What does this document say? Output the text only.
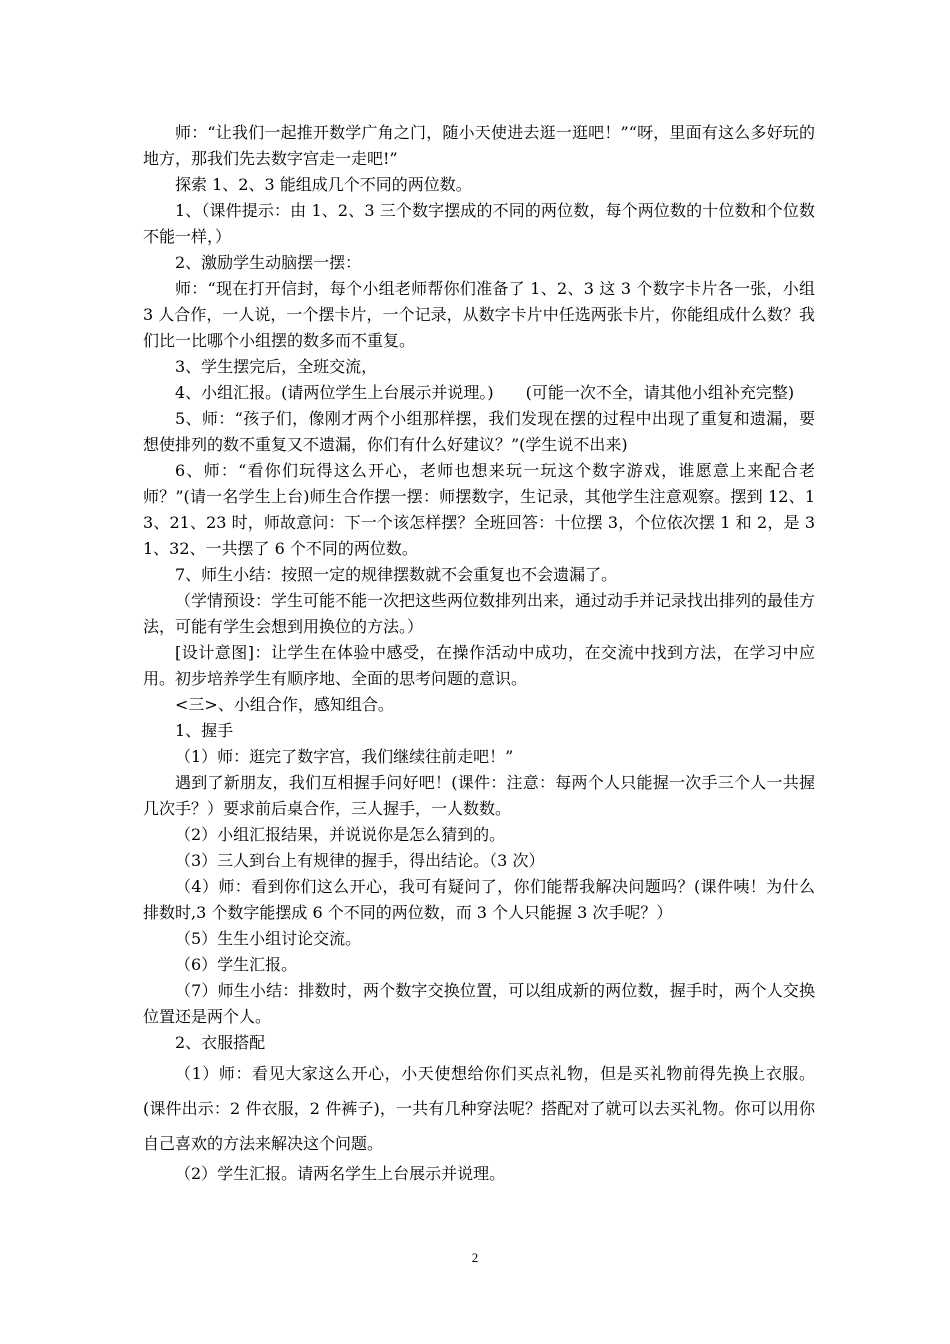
师：“让我们一起推开数学广角之门，随小天使进去逛一逛吧！”“呀，里面有这么多好玩的地方，那我们先去数字宫走一走吧!”

探索 1、2、3 能组成几个不同的两位数。

1、（课件提示：由 1、2、3 三个数字摆成的不同的两位数，每个两位数的十位数和个位数不能一样，）

2、激励学生动脑摆一摆：

师：“现在打开信封，每个小组老师帮你们准备了 1、2、3 这 3 个数字卡片各一张，小组 3 人合作，一人说，一个摆卡片，一个记录，从数字卡片中任选两张卡片，你能组成什么数？我们比一比哪个小组摆的数多而不重复。

3、学生摆完后，全班交流，

4、小组汇报。(请两位学生上台展示并说理。)　　(可能一次不全，请其他小组补充完整)

5、师：“孩子们，像刚才两个小组那样摆，我们发现在摆的过程中出现了重复和遗漏，要想使排列的数不重复又不遗漏，你们有什么好建议？”(学生说不出来)

6、师：“看你们玩得这么开心，老师也想来玩一玩这个数字游戏，谁愿意上来配合老师？”(请一名学生上台)师生合作摆一摆：师摆数字，生记录，其他学生注意观察。摆到 12、13、21、23 时，师故意问：下一个该怎样摆？全班回答：十位摆 3，个位依次摆 1 和 2，是 31、32、一共摆了 6 个不同的两位数。

7、师生小结：按照一定的规律摆数就不会重复也不会遗漏了。

（学情预设：学生可能不能一次把这些两位数排列出来，通过动手并记录找出排列的最佳方法，可能有学生会想到用换位的方法。）

[设计意图]：让学生在体验中感受，在操作活动中成功，在交流中找到方法，在学习中应用。初步培养学生有顺序地、全面的思考问题的意识。

<三>、小组合作，感知组合。

1、握手

（1）师：逛完了数字宫，我们继续往前走吧！”

遇到了新朋友，我们互相握手问好吧！(课件：注意：每两个人只能握一次手三个人一共握几次手？）要求前后桌合作，三人握手，一人数数。

（2）小组汇报结果，并说说你是怎么猜到的。

（3）三人到台上有规律的握手，得出结论。（3 次）

（4）师：看到你们这么开心，我可有疑问了，你们能帮我解决问题吗？(课件咦！为什么排数时,3 个数字能摆成 6 个不同的两位数，而 3 个人只能握 3 次手呢？）

（5）生生小组讨论交流。

（6）学生汇报。

（7）师生小结：排数时，两个数字交换位置，可以组成新的两位数，握手时，两个人交换位置还是两个人。

2、衣服搭配

（1）师：看见大家这么开心，小天使想给你们买点礼物，但是买礼物前得先换上衣服。(课件出示：2 件衣服，2 件裤子)，一共有几种穿法呢？搭配对了就可以去买礼物。你可以用你自己喜欢的方法来解决这个问题。

（2）学生汇报。请两名学生上台展示并说理。

2
